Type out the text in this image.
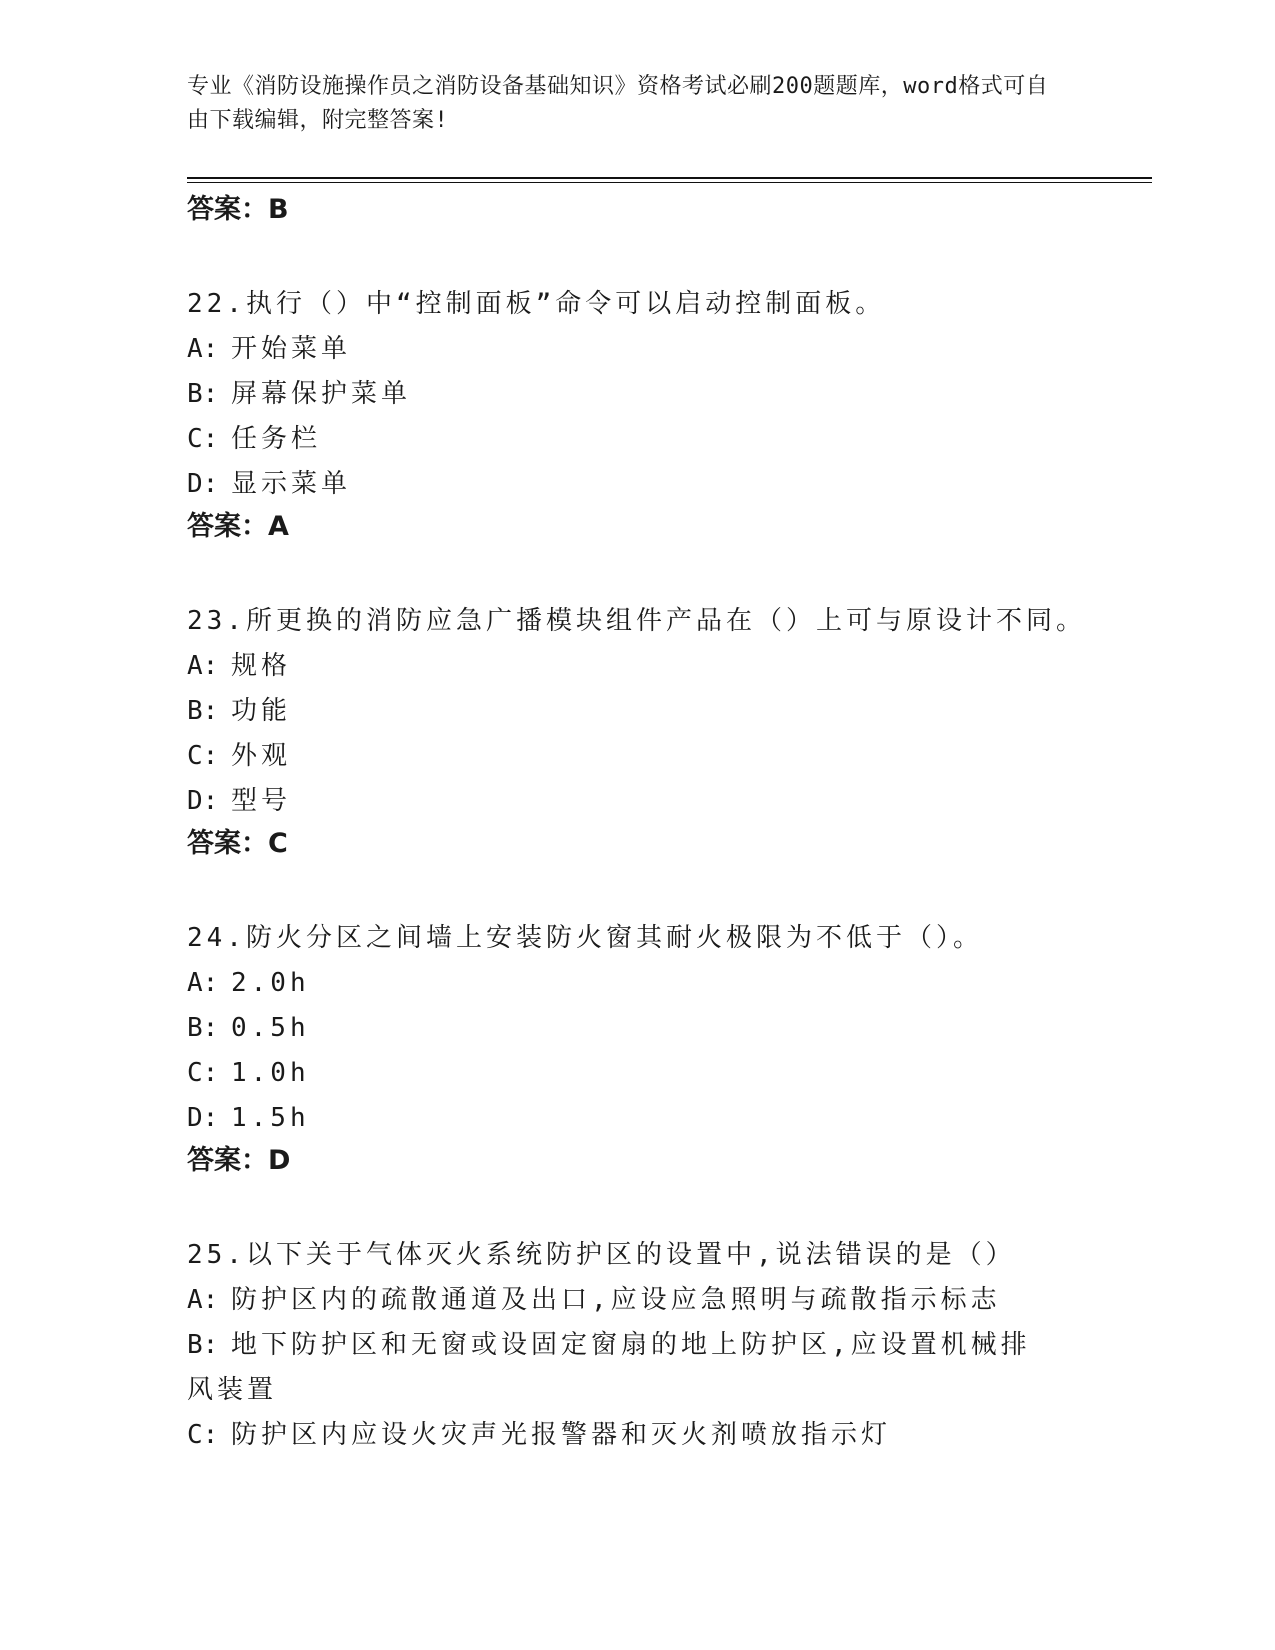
专业《消防设施操作员之消防设备基础知识》资格考试必刷200题题库，word格式可自由下载编辑，附完整答案!
答案：B
22.执行（）中“控制面板”命令可以启动控制面板。
A: 开始菜单
B: 屏幕保护菜单
C: 任务栏
D: 显示菜单
答案：A
23.所更换的消防应急广播模块组件产品在（）上可与原设计不同。
A: 规格
B: 功能
C: 外观
D: 型号
答案：C
24.防火分区之间墙上安装防火窗其耐火极限为不低于（）。
A: 2.0h
B: 0.5h
C: 1.0h
D: 1.5h
答案：D
25.以下关于气体灭火系统防护区的设置中,说法错误的是（）
A: 防护区内的疏散通道及出口,应设应急照明与疏散指示标志
B: 地下防护区和无窗或设固定窗扇的地上防护区,应设置机械排风装置
C: 防护区内应设火灾声光报警器和灭火剂喷放指示灯
